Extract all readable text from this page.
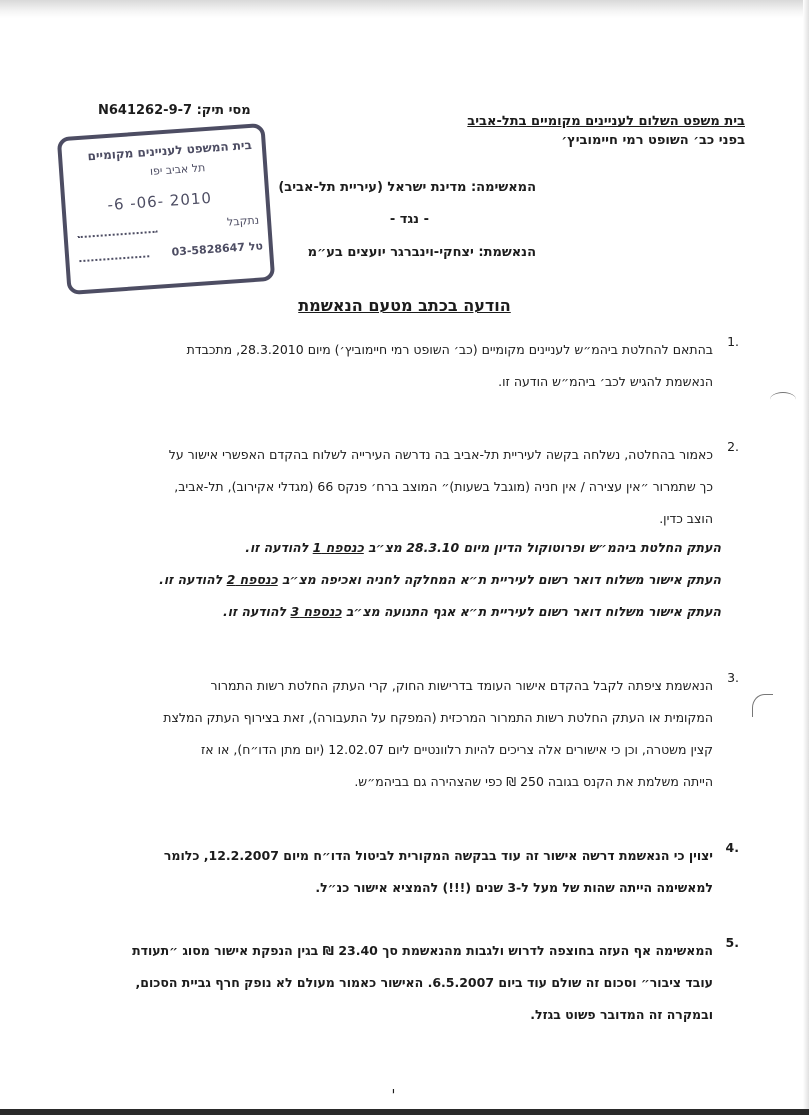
מסי תיק: 9-7-N641262
בית משפט השלום לעניינים מקומיים בתל-אביב
בפני כב׳ השופט רמי חיימוביץ׳
בית המשפט לעניינים מקומיים
תל אביב יפו
-6 -06- 2010
נתקבל
טל 03-5828647
המאשימה: מדינת ישראל (עיריית תל-אביב)
- נגד -
הנאשמת: יצחקי-וינברגר יועצים בע״מ
הודעה בכתב מטעם הנאשמת
1.
בהתאם להחלטת ביהמ״ש לעניינים מקומיים (כב׳ השופט רמי חיימוביץ׳) מיום 28.3.2010, מתכבדת
הנאשמת להגיש לכב׳ ביהמ״ש הודעה זו.
2.
כאמור בהחלטה, נשלחה בקשה לעיריית תל-אביב בה נדרשה העירייה לשלוח בהקדם האפשרי אישור על
כך שתמרור ״אין עצירה / אין חניה (מוגבל בשעות)״ המוצב ברח׳ פנקס 66 (מגדלי אקירוב), תל-אביב,
הוצב כדין.
העתק החלטת ביהמ״ש ופרוטוקול הדיון מיום 28.3.10 מצ״ב כנספח 1 להודעה זו.
העתק אישור משלוח דואר רשום לעיריית ת״א המחלקה לחניה ואכיפה מצ״ב כנספח 2 להודעה זו.
העתק אישור משלוח דואר רשום לעיריית ת״א אגף התנועה מצ״ב כנספח 3 להודעה זו.
3.
הנאשמת ציפתה לקבל בהקדם אישור העומד בדרישות החוק, קרי העתק החלטת רשות התמרור
המקומית או העתק החלטת רשות התמרור המרכזית (המפקח על התעבורה), זאת בצירוף העתק המלצת
קצין משטרה, וכן כי אישורים אלה צריכים להיות רלוונטיים ליום 12.02.07 (יום מתן הדו״ח), או אז
הייתה משלמת את הקנס בגובה 250 ₪ כפי שהצהירה גם בביהמ״ש.
4.
יצוין כי הנאשמת דרשה אישור זה עוד בבקשה המקורית לביטול הדו״ח מיום 12.2.2007, כלומר
למאשימה הייתה שהות של מעל ל-3 שנים (!!!) להמציא אישור כנ״ל.
5.
המאשימה אף העזה בחוצפה לדרוש ולגבות מהנאשמת סך 23.40 ₪ בגין הנפקת אישור מסוג ״תעודת
עובד ציבור״ וסכום זה שולם עוד ביום 6.5.2007. האישור כאמור מעולם לא נופק חרף גביית הסכום,
ובמקרה זה המדובר פשוט בגזל.
י
